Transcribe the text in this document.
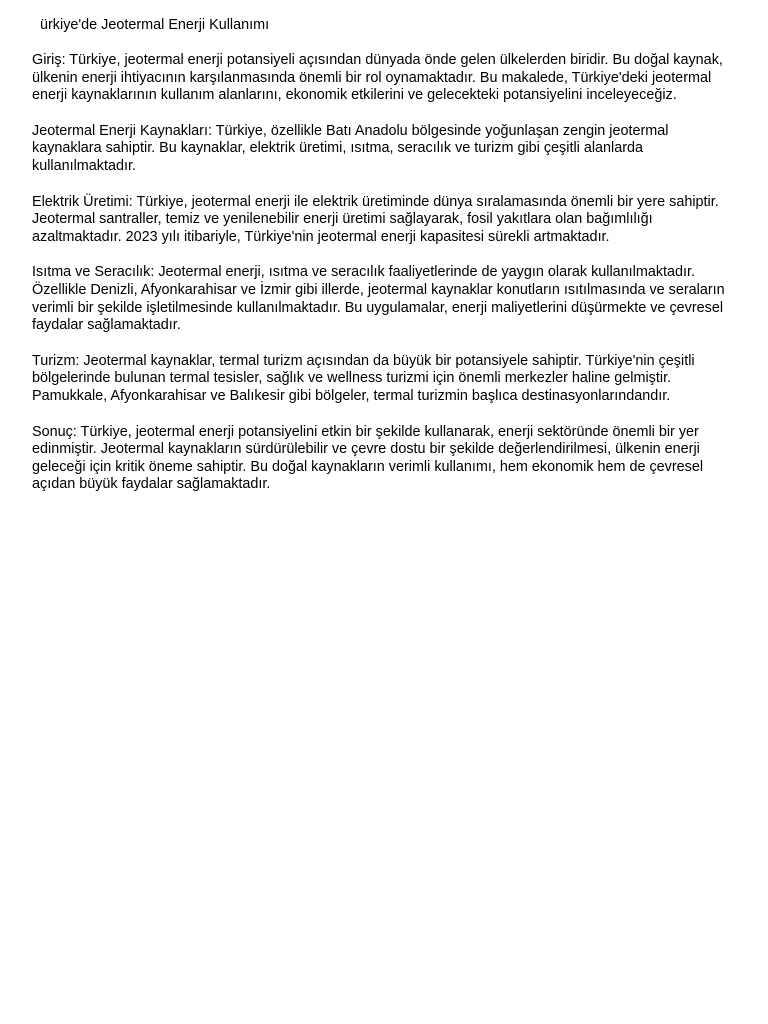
ürkiye'de Jeotermal Enerji Kullanımı

Giriş: Türkiye, jeotermal enerji potansiyeli açısından dünyada önde gelen ülkelerden biridir. Bu doğal kaynak, ülkenin enerji ihtiyacının karşılanmasında önemli bir rol oynamaktadır. Bu makalede, Türkiye'deki jeotermal enerji kaynaklarının kullanım alanlarını, ekonomik etkilerini ve gelecekteki potansiyelini inceleyeceğiz.

Jeotermal Enerji Kaynakları: Türkiye, özellikle Batı Anadolu bölgesinde yoğunlaşan zengin jeotermal kaynaklara sahiptir. Bu kaynaklar, elektrik üretimi, ısıtma, seracılık ve turizm gibi çeşitli alanlarda kullanılmaktadır.

Elektrik Üretimi: Türkiye, jeotermal enerji ile elektrik üretiminde dünya sıralamasında önemli bir yere sahiptir. Jeotermal santraller, temiz ve yenilenebilir enerji üretimi sağlayarak, fosil yakıtlara olan bağımlılığı azaltmaktadır. 2023 yılı itibariyle, Türkiye'nin jeotermal enerji kapasitesi sürekli artmaktadır.

Isıtma ve Seracılık: Jeotermal enerji, ısıtma ve seracılık faaliyetlerinde de yaygın olarak kullanılmaktadır. Özellikle Denizli, Afyonkarahisar ve İzmir gibi illerde, jeotermal kaynaklar konutların ısıtılmasında ve seraların verimli bir şekilde işletilmesinde kullanılmaktadır. Bu uygulamalar, enerji maliyetlerini düşürmekte ve çevresel faydalar sağlamaktadır.

Turizm: Jeotermal kaynaklar, termal turizm açısından da büyük bir potansiyele sahiptir. Türkiye'nin çeşitli bölgelerinde bulunan termal tesisler, sağlık ve wellness turizmi için önemli merkezler haline gelmiştir. Pamukkale, Afyonkarahisar ve Balıkesir gibi bölgeler, termal turizmin başlıca destinasyonlarındandır.

Sonuç: Türkiye, jeotermal enerji potansiyelini etkin bir şekilde kullanarak, enerji sektöründe önemli bir yer edinmiştir. Jeotermal kaynakların sürdürülebilir ve çevre dostu bir şekilde değerlendirilmesi, ülkenin enerji geleceği için kritik öneme sahiptir. Bu doğal kaynakların verimli kullanımı, hem ekonomik hem de çevresel açıdan büyük faydalar sağlamaktadır.
